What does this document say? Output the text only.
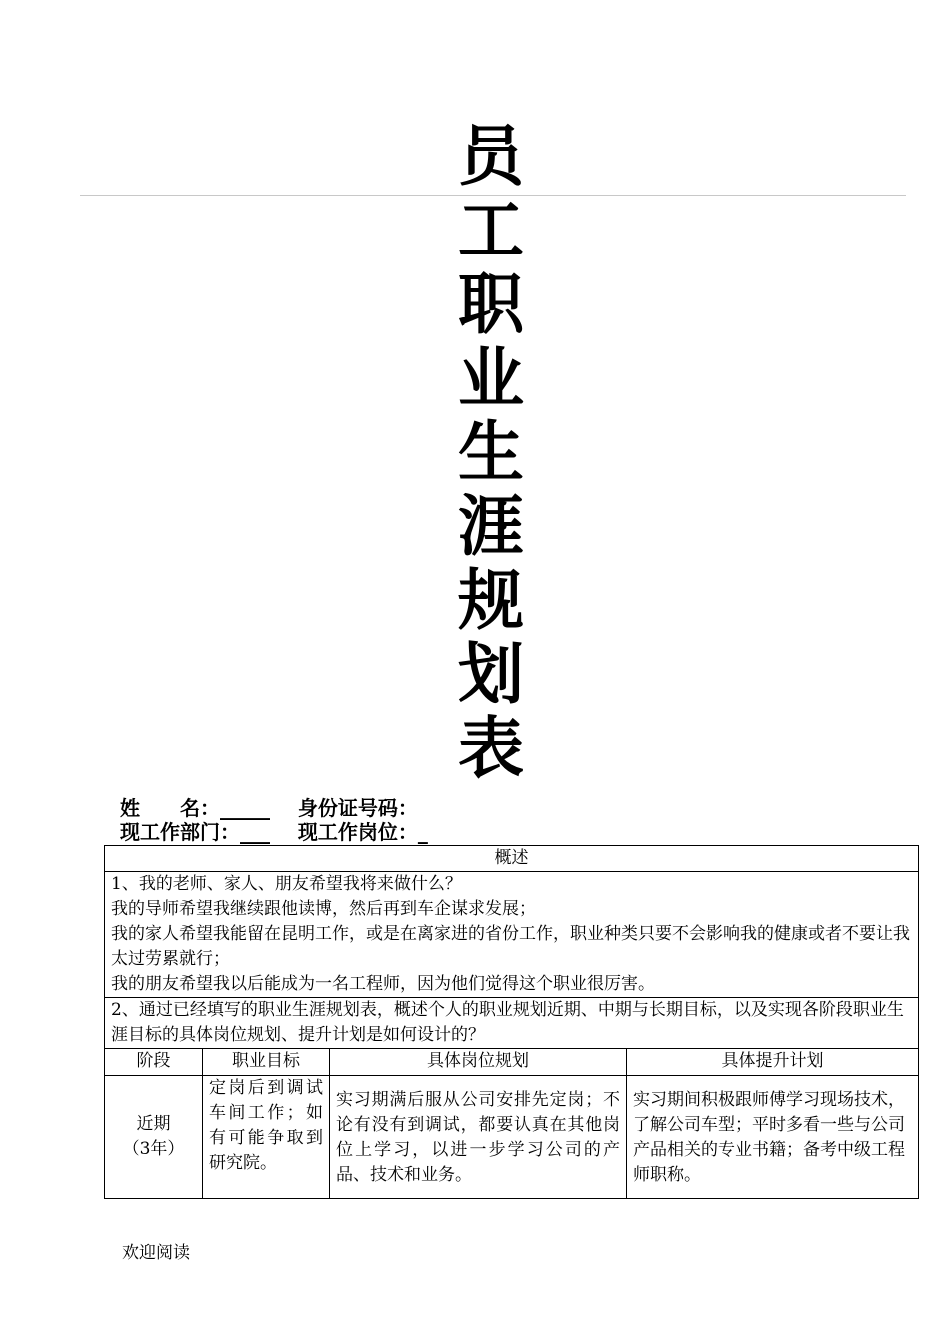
员
工
职
业
生
涯
规
划
表
姓　　名：_____    身份证号码：
现工作部门：___    现工作岗位：_
概述			

1、我的老师、家人、朋友希望我将来做什么？
我的导师希望我继续跟他读博，然后再到车企谋求发展；
我的家人希望我能留在昆明工作，或是在离家进的省份工作，职业种类只要不会影响我的健康或者不要让我太过劳累就行；
我的朋友希望我以后能成为一名工程师，因为他们觉得这个职业很厉害。			

2、通过已经填写的职业生涯规划表，概述个人的职业规划近期、中期与长期目标，以及实现各阶段职业生涯目标的具体岗位规划、提升计划是如何设计的？			
阶段	职业目标	具体岗位规划	具体提升计划

近期
（3年）	定岗后到调试车间工作；如有可能争取到研究院。	实习期满后服从公司安排先定岗；不论有没有到调试，都要认真在其他岗位上学习，以进一步学习公司的产品、技术和业务。	实习期间积极跟师傅学习现场技术，了解公司车型；平时多看一些与公司产品相关的专业书籍；备考中级工程师职称。
欢迎阅读
